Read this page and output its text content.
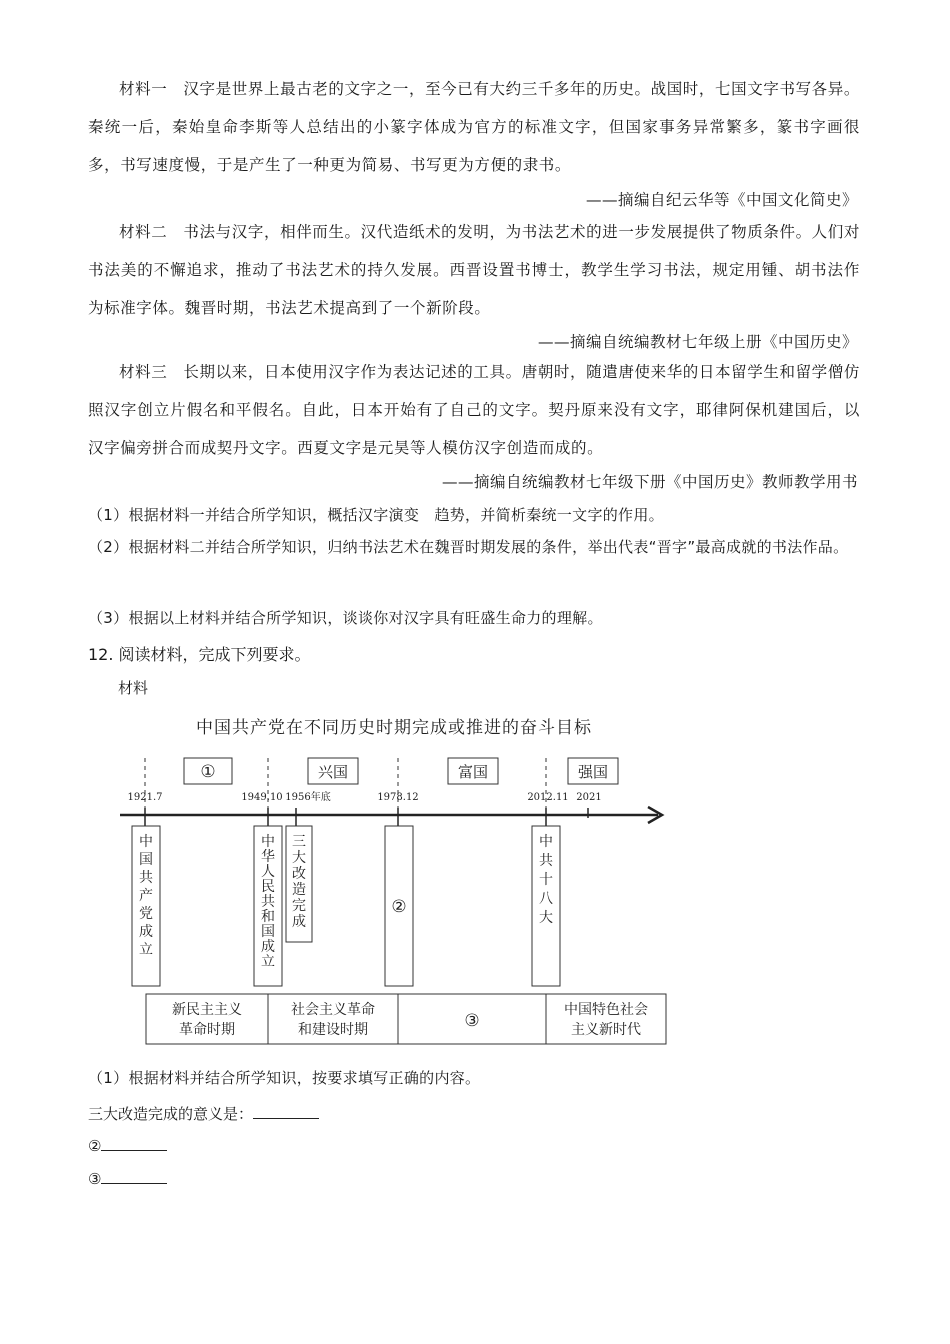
材料一　汉字是世界上最古老的文字之一，至今已有大约三千多年的历史。战国时，七国文字书写各异。秦统一后，秦始皇命李斯等人总结出的小篆字体成为官方的标准文字，但国家事务异常繁多，篆书字画很多，书写速度慢，于是产生了一种更为简易、书写更为方便的隶书。
——摘编自纪云华等《中国文化简史》
材料二　书法与汉字，相伴而生。汉代造纸术的发明，为书法艺术的进一步发展提供了物质条件。人们对书法美的不懈追求，推动了书法艺术的持久发展。西晋设置书博士，教学生学习书法，规定用锺、胡书法作为标准字体。魏晋时期，书法艺术提高到了一个新阶段。
——摘编自统编教材七年级上册《中国历史》
材料三　长期以来，日本使用汉字作为表达记述的工具。唐朝时，随遣唐使来华的日本留学生和留学僧仿照汉字创立片假名和平假名。自此，日本开始有了自己的文字。契丹原来没有文字，耶律阿保机建国后，以汉字偏旁拼合而成契丹文字。西夏文字是元昊等人模仿汉字创造而成的。
——摘编自统编教材七年级下册《中国历史》教师教学用书
（1）根据材料一并结合所学知识，概括汉字演变　趋势，并简析秦统一文字的作用。
（2）根据材料二并结合所学知识，归纳书法艺术在魏晋时期发展的条件，举出代表“晋字”最高成就的书法作品。
（3）根据以上材料并结合所学知识，谈谈你对汉字具有旺盛生命力的理解。
12. 阅读材料，完成下列要求。
材料
中国共产党在不同历史时期完成或推进的奋斗目标
①	兴国	富国	强国
1921.7	1949.10 1956年底	1978.12	2012.11 2021
中
国
共
产
党
成
立
中
华
人
民
共
和
国
成
立
三
大
改
造
完
成
②
中
共
十
八
大
新民主主义
革命时期
社会主义革命
和建设时期	③
中国特色社会
主义新时代
（1）根据材料并结合所学知识，按要求填写正确的内容。
三大改造完成的意义是：
②
③
